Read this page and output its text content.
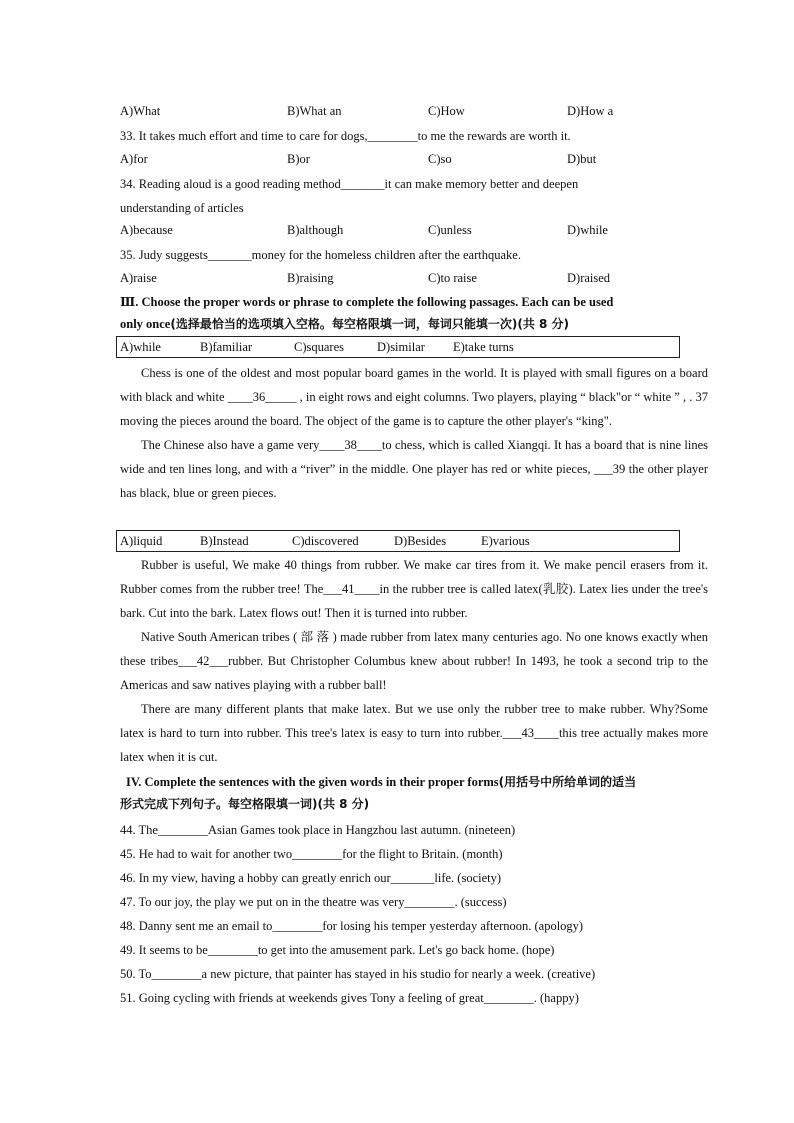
A)What	B)What an	C)How	D)How a
33. It takes much effort and time to care for dogs,________to me the rewards are worth it.
A)for	B)or	C)so	D)but
34. Reading aloud is a good reading method_______it can make memory better and deepen
understanding of articles
A)because	B)although	C)unless	D)while
35. Judy suggests_______money for the homeless children after the earthquake.
A)raise	B)raising	C)to raise	D)raised
Ⅲ. Choose the proper words or phrase to complete the following passages. Each can be used
only once(选择最恰当的选项填入空格。每空格限填一词，每词只能填一次)(共 8 分)
A)while	B)familiar	C)squares	D)similar E)take turns

Chess is one of the oldest and most popular board games in the world. It is played with small figures on a board with black and white ____36_____ , in eight rows and eight columns. Two players, playing “ black"or “ white ” , . 37 moving the pieces around the board. The object of the game is to capture the other player's “king".

The Chinese also have a game very____38____to chess, which is called Xiangqi. It has a board that is nine lines wide and ten lines long, and with a “river” in the middle. One player has red or white pieces, ___39 the other player has black, blue or green pieces.

A)liquid	B)Instead	C)discovered	D)Besides	E)various

Rubber is useful, We make 40 things from rubber. We make car tires from it. We make pencil erasers from it. Rubber comes from the rubber tree! The___41____in the rubber tree is called latex(乳胶). Latex lies under the tree's bark. Cut into the bark. Latex flows out! Then it is turned into rubber.

Native South American tribes ( 部 落 ) made rubber from latex many centuries ago. No one knows exactly when these tribes___42___rubber. But Christopher Columbus knew about rubber! In 1493, he took a second trip to the Americas and saw natives playing with a rubber ball!

There are many different plants that make latex. But we use only the rubber tree to make rubber. Why?Some latex is hard to turn into rubber. This tree's latex is easy to turn into rubber.___43____this tree actually makes more latex when it is cut.

IV. Complete the sentences with the given words in their proper forms(用括号中所给单词的适当
形式完成下列句子。每空格限填一词)(共 8 分)
44. The________Asian Games took place in Hangzhou last autumn. (nineteen)
45. He had to wait for another two________for the flight to Britain. (month)
46. In my view, having a hobby can greatly enrich our_______life. (society)
47. To our joy, the play we put on in the theatre was very________. (success)
48. Danny sent me an email to________for losing his temper yesterday afternoon. (apology)
49. It seems to be________to get into the amusement park. Let's go back home. (hope)
50. To________a new picture, that painter has stayed in his studio for nearly a week. (creative)
51. Going cycling with friends at weekends gives Tony a feeling of great________. (happy)
